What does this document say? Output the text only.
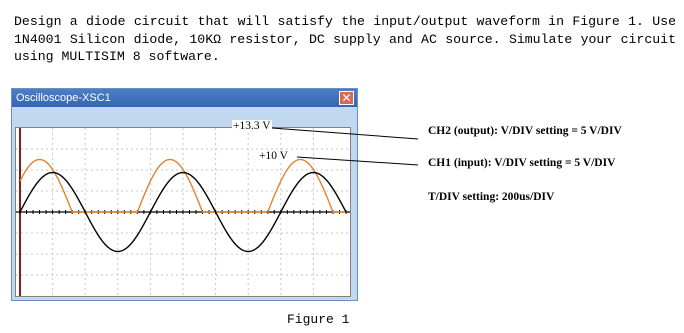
Design a diode circuit that will satisfy the input/output waveform in Figure 1. Use 1N4001 Silicon diode, 10KΩ resistor, DC supply and AC source. Simulate your circuit using MULTISIM 8 software.
Oscilloscope-XSC1	✕
+13.3 V
+10 V
CH2 (output): V/DIV setting = 5 V/DIV
CH1 (input): V/DIV setting = 5 V/DIV
T/DIV setting: 200us/DIV
Figure 1
